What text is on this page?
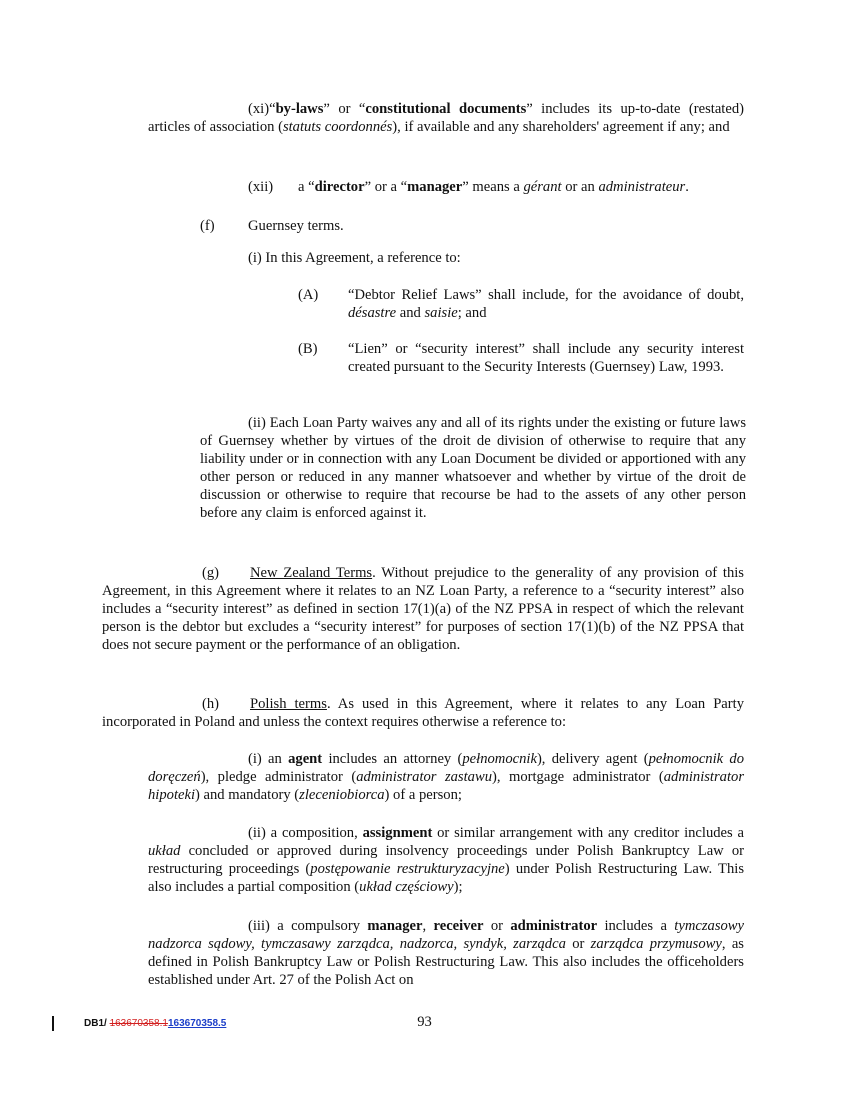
(xi)“by-laws” or “constitutional documents” includes its up-to-date (restated) articles of association (statuts coordonnés), if available and any shareholders' agreement if any; and

(xii) a “director” or a “manager” means a gérant or an administrateur.
(f) Guernsey terms.
(i) In this Agreement, a reference to:
(A)	“Debtor Relief Laws” shall include, for the avoidance of doubt, désastre and saisie; and
(B)	“Lien” or “security interest” shall include any security interest created pursuant to the Security Interests (Guernsey) Law, 1993.

(ii) Each Loan Party waives any and all of its rights under the existing or future laws of Guernsey whether by virtues of the droit de division of otherwise to require that any liability under or in connection with any Loan Document be divided or apportioned with any other person or reduced in any manner whatsoever and whether by virtue of the droit de discussion or otherwise to require that recourse be had to the assets of any other person before any claim is enforced against it.

(g) New Zealand Terms. Without prejudice to the generality of any provision of this Agreement, in this Agreement where it relates to an NZ Loan Party, a reference to a “security interest” also includes a “security interest” as defined in section 17(1)(a) of the NZ PPSA in respect of which the relevant person is the debtor but excludes a “security interest” for purposes of section 17(1)(b) of the NZ PPSA that does not secure payment or the performance of an obligation.

(h) Polish terms. As used in this Agreement, where it relates to any Loan Party incorporated in Poland and unless the context requires otherwise a reference to:

(i) an agent includes an attorney (pełnomocnik), delivery agent (pełnomocnik do doręczeń), pledge administrator (administrator zastawu), mortgage administrator (administrator hipoteki) and mandatory (zleceniobiorca) of a person;

(ii) a composition, assignment or similar arrangement with any creditor includes a układ concluded or approved during insolvency proceedings under Polish Bankruptcy Law or restructuring proceedings (postępowanie restrukturyzacyjne) under Polish Restructuring Law. This also includes a partial composition (układ częściowy);

(iii) a compulsory manager, receiver or administrator includes a tymczasowy nadzorca sądowy, tymczasawy zarządca, nadzorca, syndyk, zarządca or zarządca przymusowy, as defined in Polish Bankruptcy Law or Polish Restructuring Law. This also includes the officeholders established under Art. 27 of the Polish Act on

DB1/ 163670358.1163670358.5	93
